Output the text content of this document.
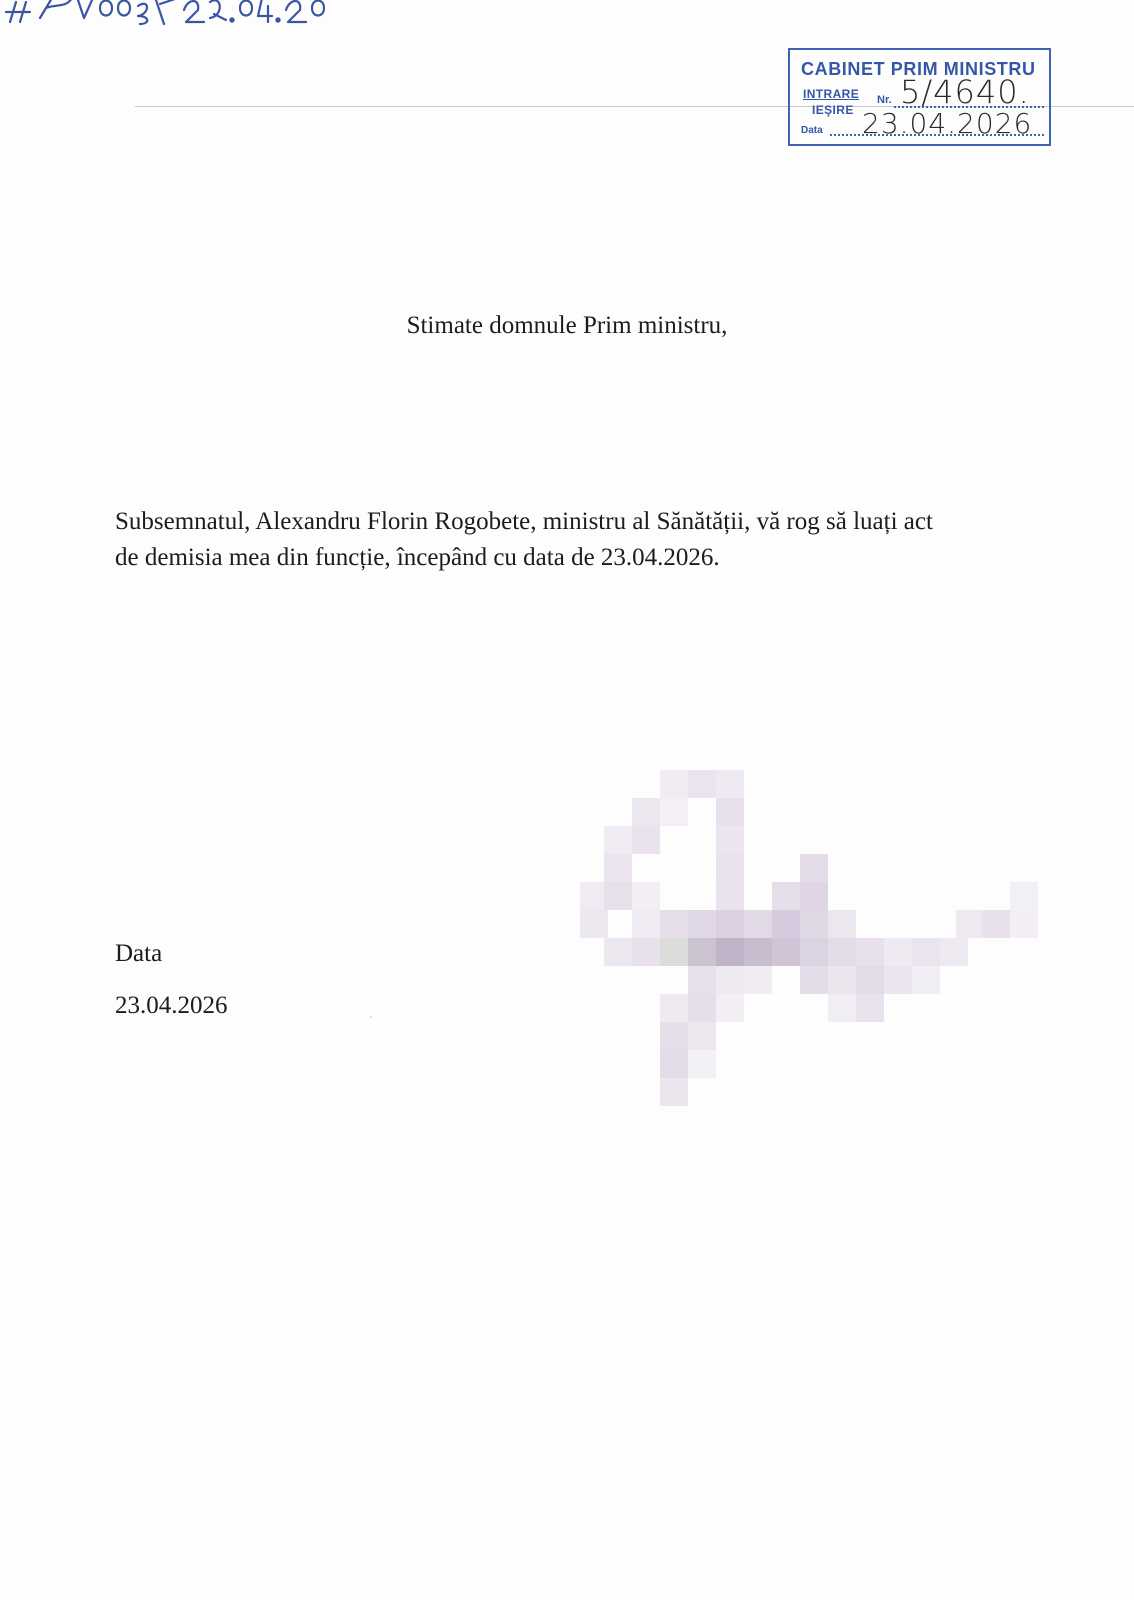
CABINET PRIM MINISTRU
INTRARE
IEŞIRE
Nr.
Data
5/4640.
23.04.2026
Stimate domnule Prim ministru,

Subsemnatul, Alexandru Florin Rogobete, ministru al Sănătății, vă rog să luați act

de demisia mea din funcție, începând cu data de 23.04.2026.

Data
23.04.2026
